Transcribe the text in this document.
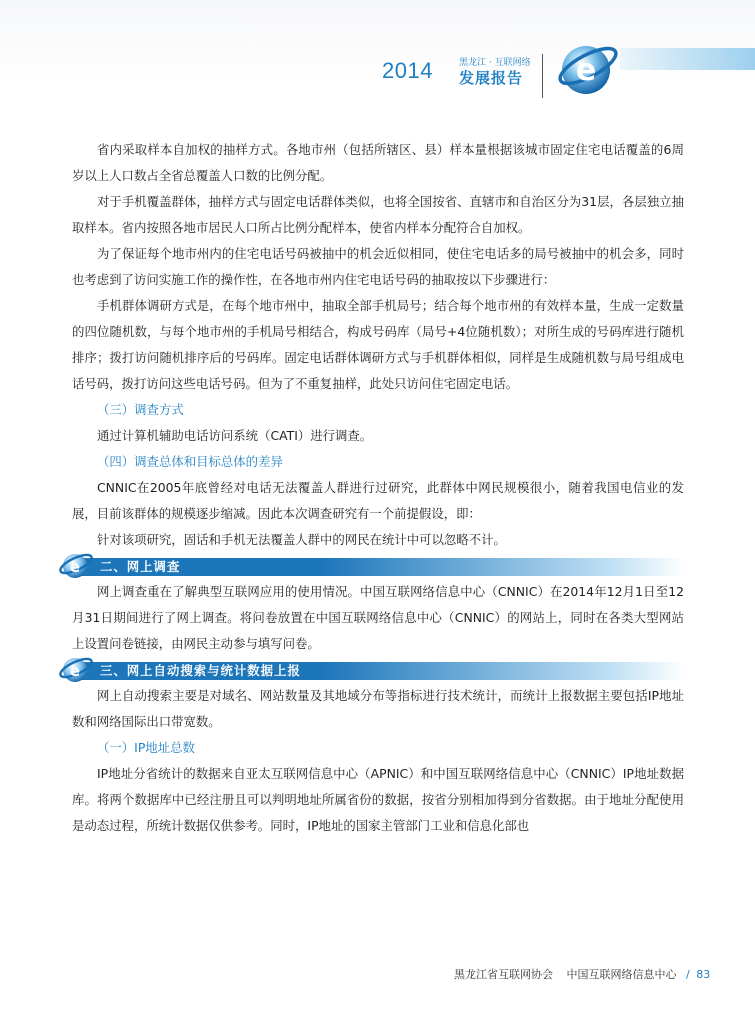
2014	黑龙江 · 互联网络
发展报告 e

省内采取样本自加权的抽样方式。各地市州（包括所辖区、县）样本量根据该城市固定住宅电话覆盖的6周岁以上人口数占全省总覆盖人口数的比例分配。

对于手机覆盖群体，抽样方式与固定电话群体类似，也将全国按省、直辖市和自治区分为31层，各层独立抽取样本。省内按照各地市居民人口所占比例分配样本，使省内样本分配符合自加权。

为了保证每个地市州内的住宅电话号码被抽中的机会近似相同，使住宅电话多的局号被抽中的机会多，同时也考虑到了访问实施工作的操作性，在各地市州内住宅电话号码的抽取按以下步骤进行：

手机群体调研方式是，在每个地市州中，抽取全部手机局号；结合每个地市州的有效样本量，生成一定数量的四位随机数，与每个地市州的手机局号相结合，构成号码库（局号+4位随机数）；对所生成的号码库进行随机排序；拨打访问随机排序后的号码库。固定电话群体调研方式与手机群体相似，同样是生成随机数与局号组成电话号码，拨打访问这些电话号码。但为了不重复抽样，此处只访问住宅固定电话。

（三）调查方式

通过计算机辅助电话访问系统（CATI）进行调查。

（四）调查总体和目标总体的差异

CNNIC在2005年底曾经对电话无法覆盖人群进行过研究，此群体中网民规模很小，随着我国电信业的发展，目前该群体的规模逐步缩减。因此本次调查研究有一个前提假设，即：

针对该项研究，固话和手机无法覆盖人群中的网民在统计中可以忽略不计。

e 二、网上调查

网上调查重在了解典型互联网应用的使用情况。中国互联网络信息中心（CNNIC）在2014年12月1日至12月31日期间进行了网上调查。将问卷放置在中国互联网络信息中心（CNNIC）的网站上，同时在各类大型网站上设置问卷链接，由网民主动参与填写问卷。

e 三、网上自动搜索与统计数据上报

网上自动搜索主要是对域名、网站数量及其地域分布等指标进行技术统计，而统计上报数据主要包括IP地址数和网络国际出口带宽数。

（一）IP地址总数

IP地址分省统计的数据来自亚太互联网信息中心（APNIC）和中国互联网络信息中心（CNNIC）IP地址数据库。将两个数据库中已经注册且可以判明地址所属省份的数据，按省分别相加得到分省数据。由于地址分配使用是动态过程，所统计数据仅供参考。同时，IP地址的国家主管部门工业和信息化部也

黑龙江省互联网协会 中国互联网络信息中心 / 83
